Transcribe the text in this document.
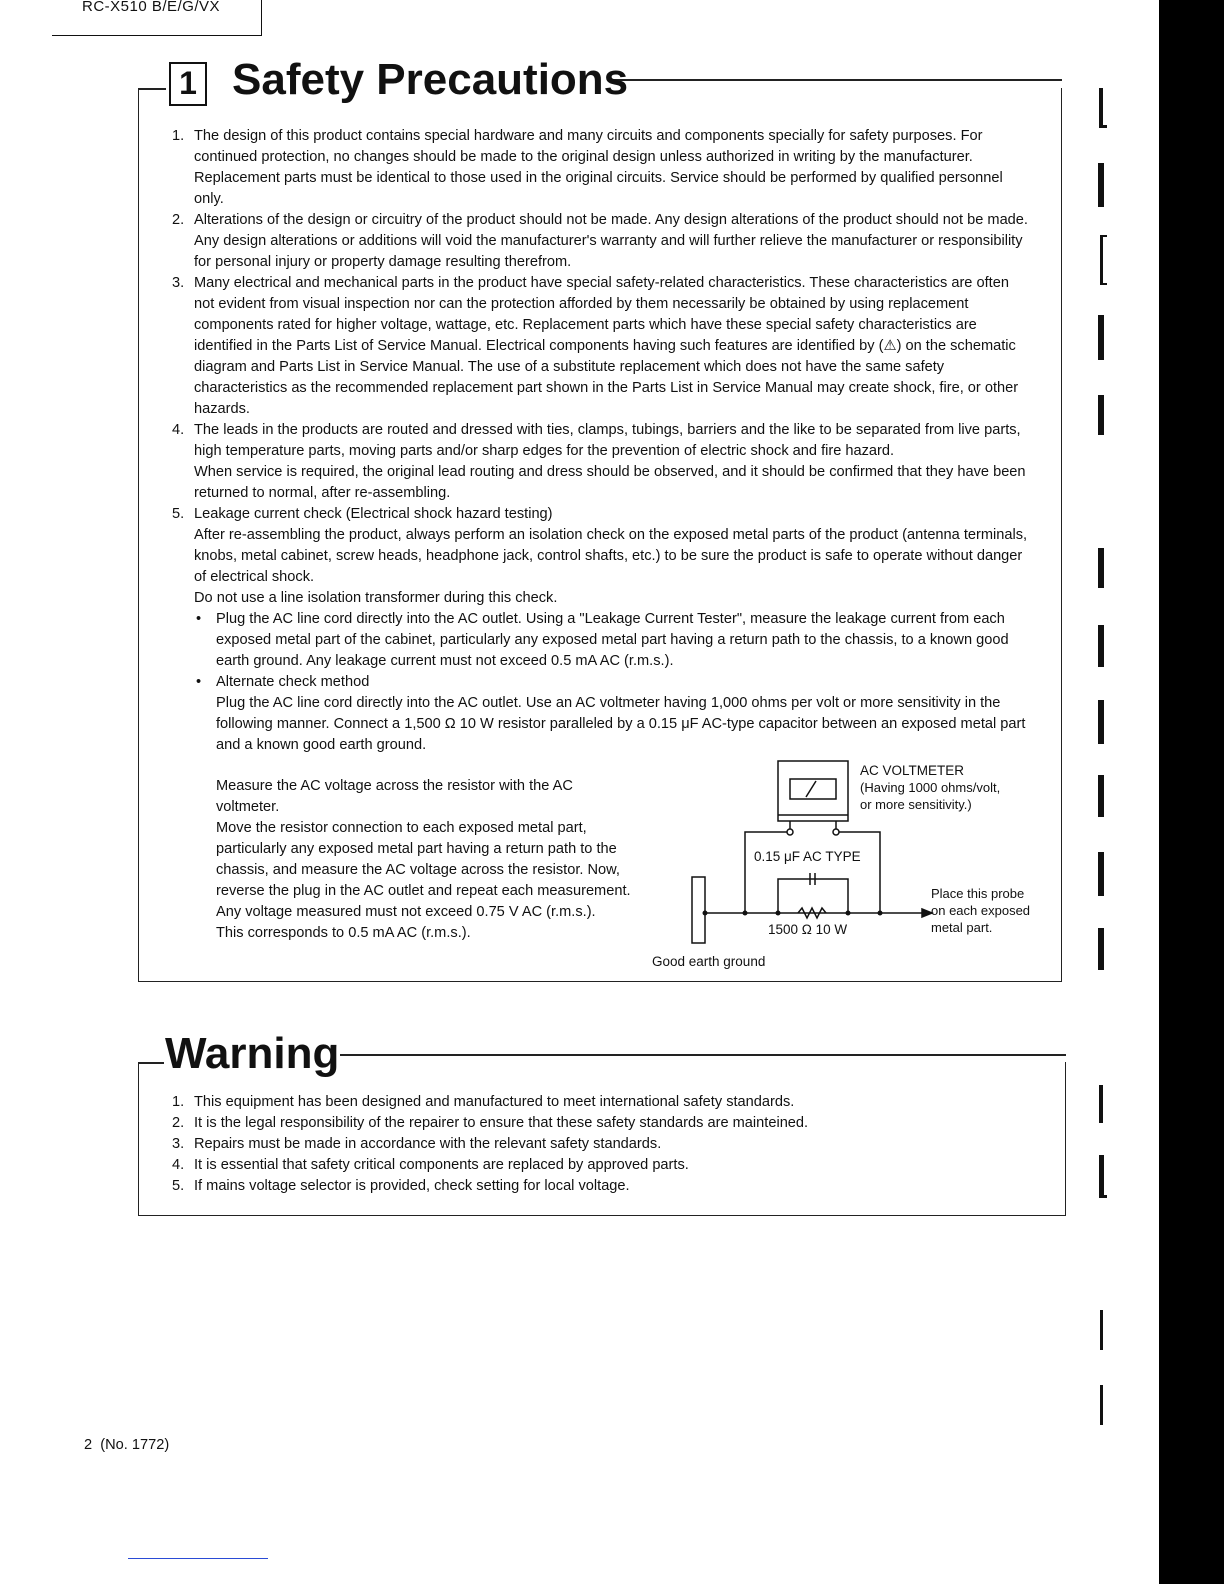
RC-X510 B/E/G/VX
1 Safety Precautions
1. The design of this product contains special hardware and many circuits and components specially for safety purposes. For continued protection, no changes should be made to the original design unless authorized in writing by the manufacturer. Replacement parts must be identical to those used in the original circuits. Service should be performed by qualified personnel only.

2. Alterations of the design or circuitry of the product should not be made. Any design alterations of the product should not be made. Any design alterations or additions will void the manufacturer's warranty and will further relieve the manufacturer or responsibility for personal injury or property damage resulting therefrom.

3. Many electrical and mechanical parts in the product have special safety-related characteristics. These characteristics are often not evident from visual inspection nor can the protection afforded by them necessarily be obtained by using replacement components rated for higher voltage, wattage, etc. Replacement parts which have these special safety characteristics are identified in the Parts List of Service Manual. Electrical components having such features are identified by (⚠) on the schematic diagram and Parts List in Service Manual. The use of a substitute replacement which does not have the same safety characteristics as the recommended replacement part shown in the Parts List in Service Manual may create shock, fire, or other hazards.

4. The leads in the products are routed and dressed with ties, clamps, tubings, barriers and the like to be separated from live parts, high temperature parts, moving parts and/or sharp edges for the prevention of electric shock and fire hazard.

When service is required, the original lead routing and dress should be observed, and it should be confirmed that they have been returned to normal, after re-assembling.

5. Leakage current check (Electrical shock hazard testing)

After re-assembling the product, always perform an isolation check on the exposed metal parts of the product (antenna terminals, knobs, metal cabinet, screw heads, headphone jack, control shafts, etc.) to be sure the product is safe to operate without danger of electrical shock.

Do not use a line isolation transformer during this check.

• Plug the AC line cord directly into the AC outlet. Using a "Leakage Current Tester", measure the leakage current from each exposed metal part of the cabinet, particularly any exposed metal part having a return path to the chassis, to a known good earth ground. Any leakage current must not exceed 0.5 mA AC (r.m.s.).

• Alternate check method

Plug the AC line cord directly into the AC outlet. Use an AC voltmeter having 1,000 ohms per volt or more sensitivity in the following manner. Connect a 1,500 Ω 10 W resistor paralleled by a 0.15 μF AC-type capacitor between an exposed metal part and a known good earth ground.

Measure the AC voltage across the resistor with the AC voltmeter.

Move the resistor connection to each exposed metal part, particularly any exposed metal part having a return path to the chassis, and measure the AC voltage across the resistor. Now, reverse the plug in the AC outlet and repeat each measurement. Any voltage measured must not exceed 0.75 V AC (r.m.s.).

This corresponds to 0.5 mA AC (r.m.s.).

AC VOLTMETER
(Having 1000 ohms/volt,
or more sensitivity.)
0.15 μF AC TYPE
1500 Ω 10 W
Place this probe
on each exposed
metal part.
Good earth ground
Warning
1. This equipment has been designed and manufactured to meet international safety standards.

2. It is the legal responsibility of the repairer to ensure that these safety standards are mainteined.

3. Repairs must be made in accordance with the relevant safety standards.

4. It is essential that safety critical components are replaced by approved parts.

5. If mains voltage selector is provided, check setting for local voltage.

2  (No. 1772)
